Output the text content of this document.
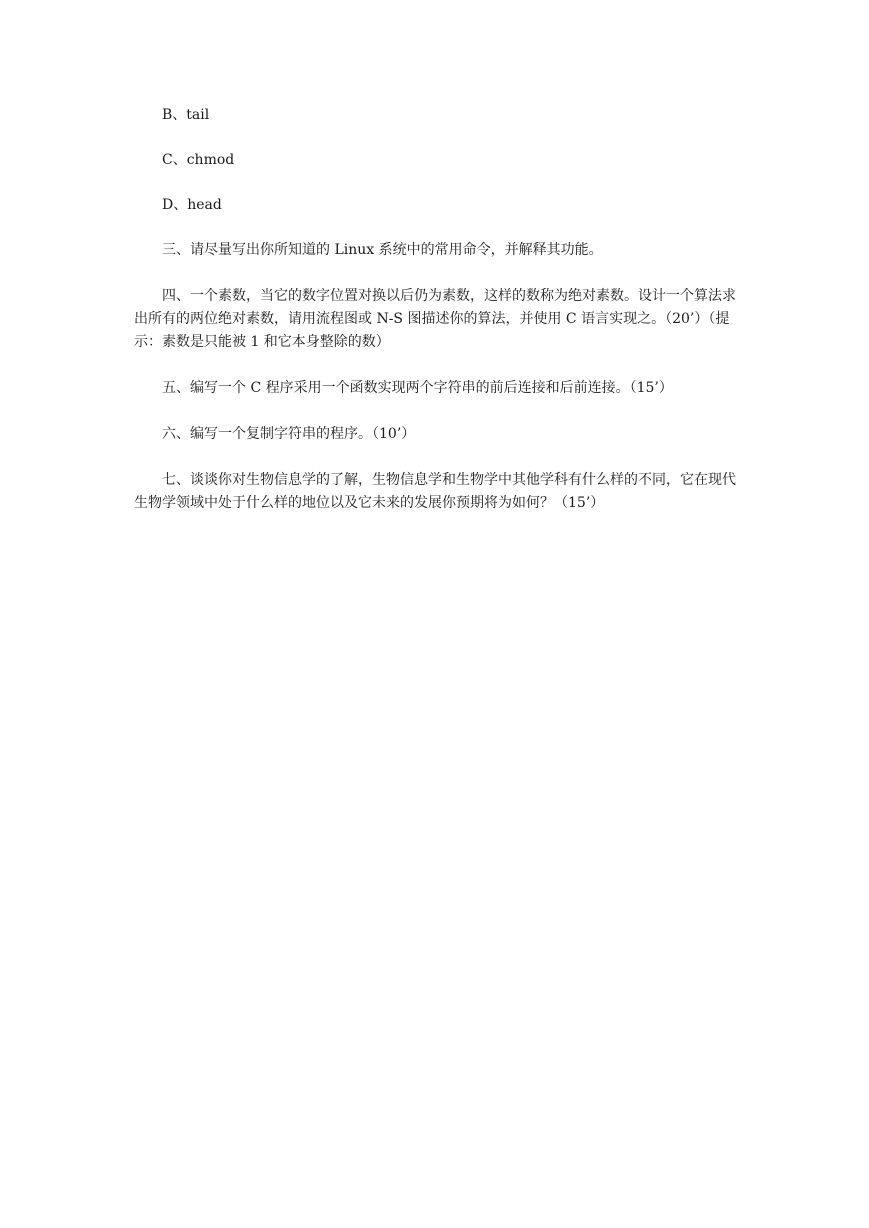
B、tail

C、chmod

D、head

三、请尽量写出你所知道的 Linux 系统中的常用命令，并解释其功能。

四、一个素数，当它的数字位置对换以后仍为素数，这样的数称为绝对素数。设计一个算法求出所有的两位绝对素数，请用流程图或 N-S 图描述你的算法，并使用 C 语言实现之。（20’）（提示：素数是只能被 1 和它本身整除的数）

五、编写一个 C 程序采用一个函数实现两个字符串的前后连接和后前连接。（15’）

六、编写一个复制字符串的程序。（10’）

七、谈谈你对生物信息学的了解，生物信息学和生物学中其他学科有什么样的不同，它在现代生物学领域中处于什么样的地位以及它未来的发展你预期将为如何？（15’）
